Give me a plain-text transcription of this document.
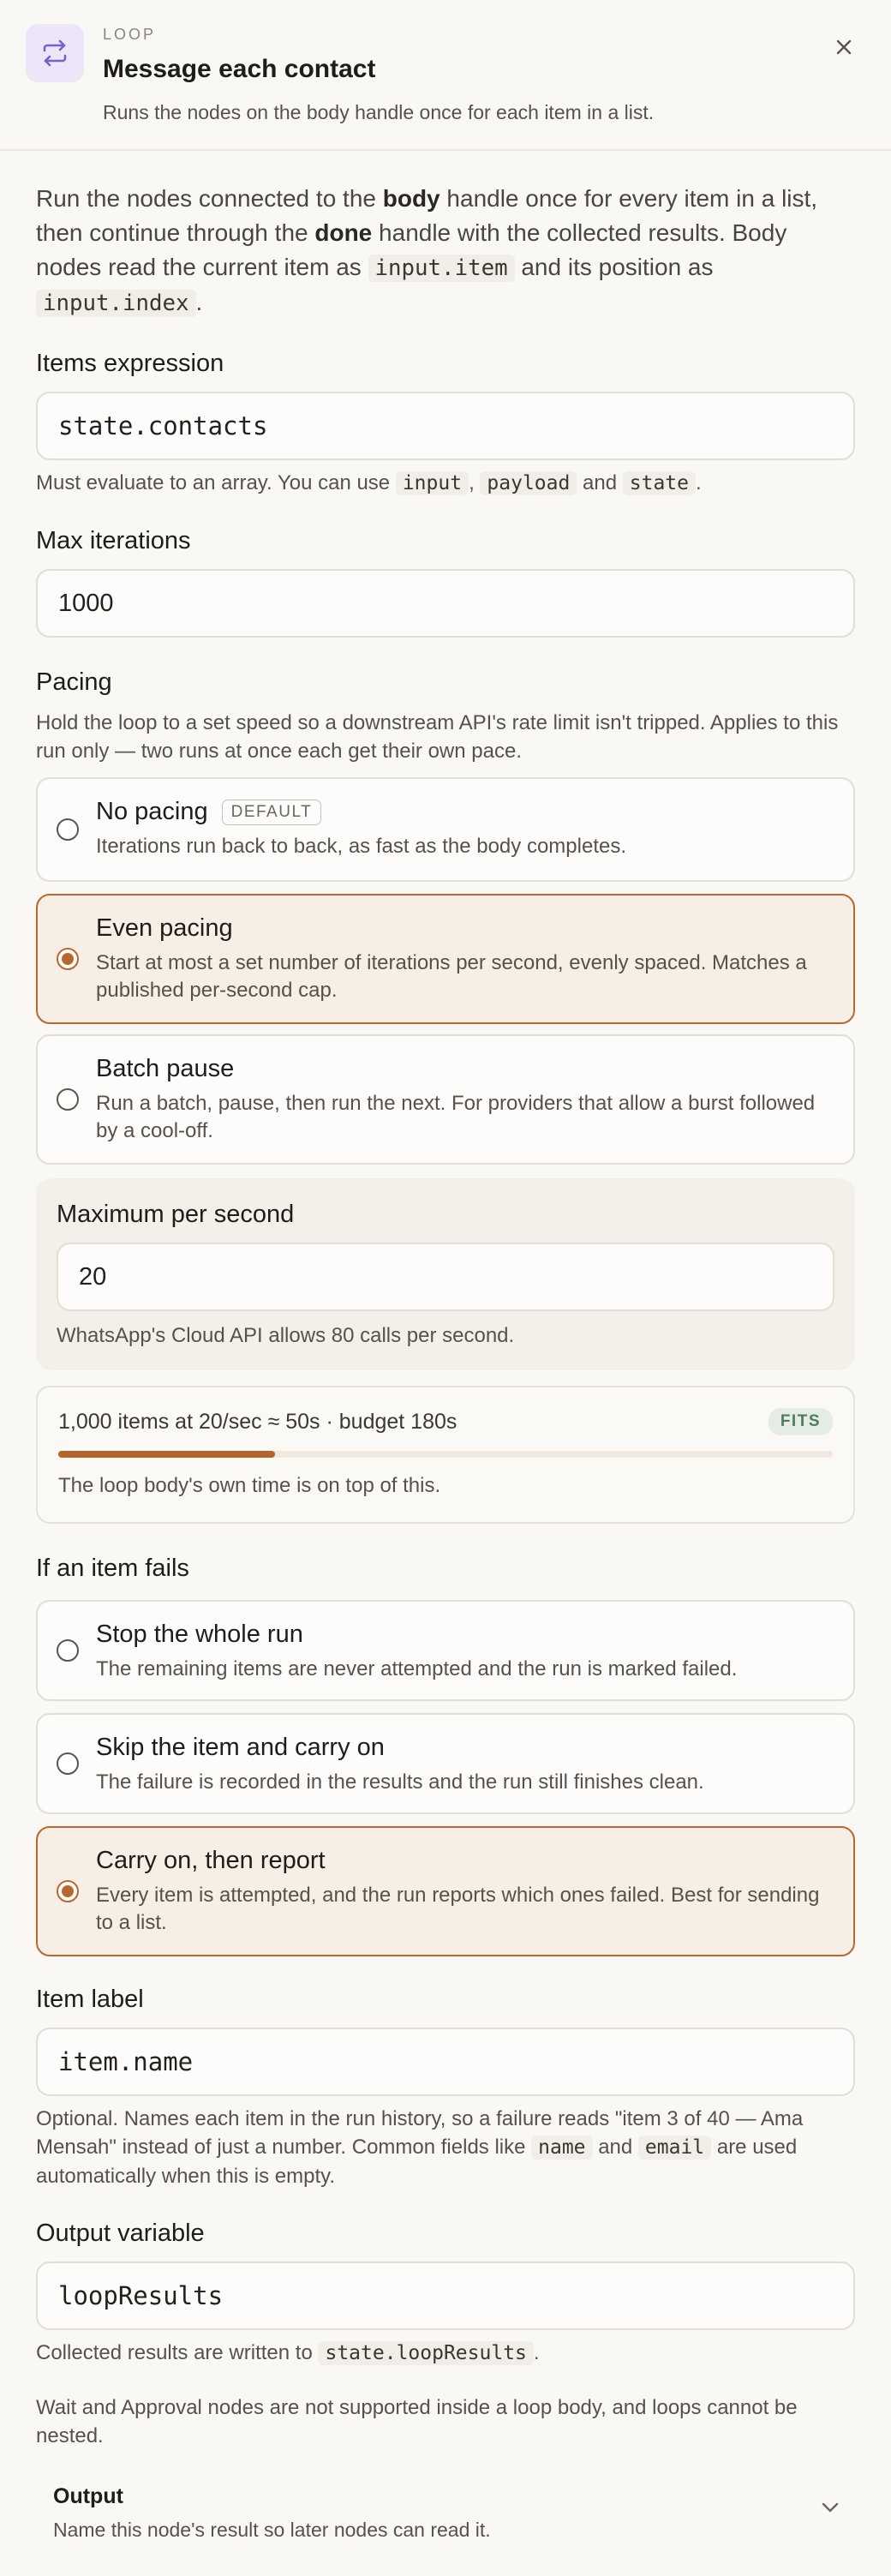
LOOP
Message each contact
Runs the nodes on the body handle once for each item in a list.

Run the nodes connected to the body handle once for every item in a list, then continue through the done handle with the collected results. Body nodes read the current item as input.item and its position as input.index .

Items expression
state.contacts

Must evaluate to an array. You can use input , payload and state .

Max iterations
1000
Pacing

Hold the loop to a set speed so a downstream API's rate limit isn't tripped. Applies to this run only — two runs at once each get their own pace.

No pacing	DEFAULT
Iterations run back to back, as fast as the body completes.
Even pacing
Start at most a set number of iterations per second, evenly spaced. Matches a published per-second cap.
Batch pause
Run a batch, pause, then run the next. For providers that allow a burst followed by a cool-off.
Maximum per second
20

WhatsApp's Cloud API allows 80 calls per second.

1,000 items at 20/sec ≈ 50s · budget 180s	FITS

The loop body's own time is on top of this.

If an item fails
Stop the whole run
The remaining items are never attempted and the run is marked failed.
Skip the item and carry on
The failure is recorded in the results and the run still finishes clean.
Carry on, then report
Every item is attempted, and the run reports which ones failed. Best for sending to a list.
Item label
item.name

Optional. Names each item in the run history, so a failure reads "item 3 of 40 — Ama Mensah" instead of just a number. Common fields like name and email are used automatically when this is empty.

Output variable
loopResults

Collected results are written to state.loopResults .

Wait and Approval nodes are not supported inside a loop body, and loops cannot be nested.

Output
Name this node's result so later nodes can read it.
